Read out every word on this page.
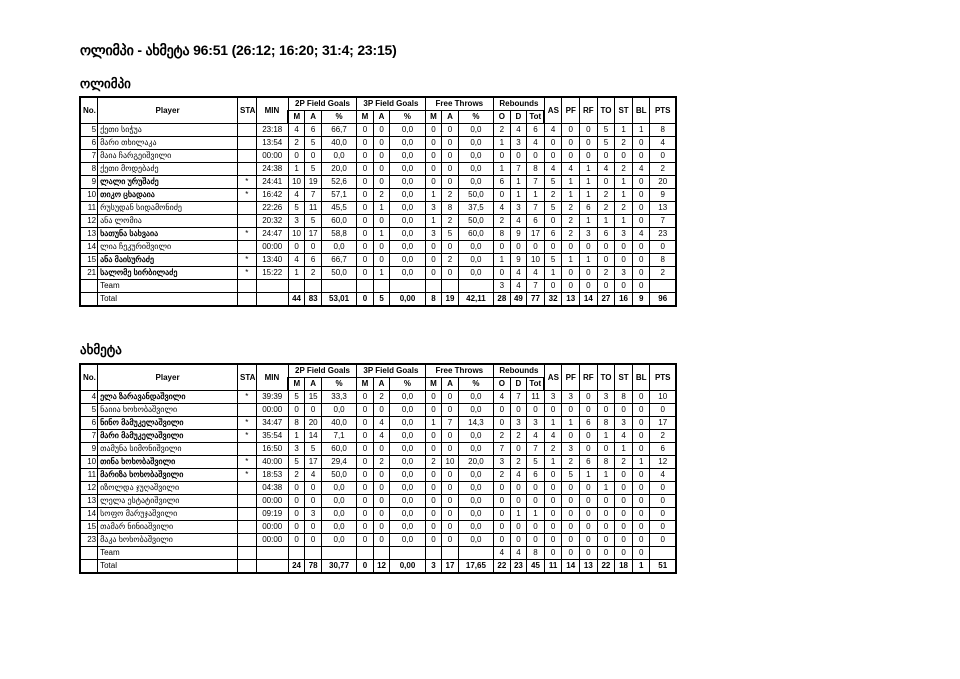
ოლიმპი - ახმეტა 96:51 (26:12; 16:20; 31:4; 23:15)
ოლიმპი
No.	Player	STA	MIN	2P Field Goals			3P Field Goals			Free Throws			Rebounds			AS	PF	RF	TO	ST	BL	PTS
				M	A	%	M	A	%	M	A	%	O	D	Tot							
5	ქეთი სიჭუა		23:18	4	6	66,7	0	0	0,0	0	0	0,0	2	4	6	4	0	0	5	1	1	8
6	მარი თხილაკა		13:54	2	5	40,0	0	0	0,0	0	0	0,0	1	3	4	0	0	0	5	2	0	4
7	მაია ჩარგეიშვილი		00:00	0	0	0,0	0	0	0,0	0	0	0,0	0	0	0	0	0	0	0	0	0	0
8	ქეთი მოდებაძე		24:38	1	5	20,0	0	0	0,0	0	0	0,0	1	7	8	4	4	1	4	2	4	2
9	ლალი ურუშაძე	*	24:41	10	19	52,6	0	0	0,0	0	0	0,0	6	1	7	5	1	1	0	1	0	20
10	თიკო ცხადაია	*	16:42	4	7	57,1	0	2	0,0	1	2	50,0	0	1	1	2	1	1	2	1	0	9
11	რუსუდან სიდამონიძე		22:26	5	11	45,5	0	1	0,0	3	8	37,5	4	3	7	5	2	6	2	2	0	13
12	ანა ლომია		20:32	3	5	60,0	0	0	0,0	1	2	50,0	2	4	6	0	2	1	1	1	0	7
13	ხათუნა სახვაია	*	24:47	10	17	58,8	0	1	0,0	3	5	60,0	8	9	17	6	2	3	6	3	4	23
14	ლია ჩეკურიშვილი		00:00	0	0	0,0	0	0	0,0	0	0	0,0	0	0	0	0	0	0	0	0	0	0
15	ანა მაისურაძე	*	13:40	4	6	66,7	0	0	0,0	0	2	0,0	1	9	10	5	1	1	0	0	0	8
21	სალომე სირბილაძე	*	15:22	1	2	50,0	0	1	0,0	0	0	0,0	0	4	4	1	0	0	2	3	0	2
	Team												3	4	7	0	0	0	0	0	0	
	Total			44	83	53,01	0	5	0,00	8	19	42,11	28	49	77	32	13	14	27	16	9	96
ახმეტა
No.	Player	STA	MIN	2P Field Goals			3P Field Goals			Free Throws			Rebounds			AS	PF	RF	TO	ST	BL	PTS
				M	A	%	M	A	%	M	A	%	O	D	Tot							
4	ელა ზარავანდაშვილი	*	39:39	5	15	33,3	0	2	0,0	0	0	0,0	4	7	11	3	3	0	3	8	0	10
5	ნაიია ხოხობაშვილი		00:00	0	0	0,0	0	0	0,0	0	0	0,0	0	0	0	0	0	0	0	0	0	0
6	ნინო მამუკელაშვილი	*	34:47	8	20	40,0	0	4	0,0	1	7	14,3	0	3	3	1	1	6	8	3	0	17
7	მარი მამუკელაშვილი	*	35:54	1	14	7,1	0	4	0,0	0	0	0,0	2	2	4	4	0	0	1	4	0	2
9	თამუნა სიმონიშვილი		16:50	3	5	60,0	0	0	0,0	0	0	0,0	7	0	7	2	3	0	0	1	0	6
10	თინა ხოხობაშვილი	*	40:00	5	17	29,4	0	2	0,0	2	10	20,0	3	2	5	1	2	6	8	2	1	12
11	მარიზა ხოხობაშვილი	*	18:53	2	4	50,0	0	0	0,0	0	0	0,0	2	4	6	0	5	1	1	0	0	4
12	იზოლდა ჯუღაშვილი		04:38	0	0	0,0	0	0	0,0	0	0	0,0	0	0	0	0	0	0	1	0	0	0
13	ლელა ესტატიშვილი		00:00	0	0	0,0	0	0	0,0	0	0	0,0	0	0	0	0	0	0	0	0	0	0
14	სოფო მარუჯაშვილი		09:19	0	3	0,0	0	0	0,0	0	0	0,0	0	1	1	0	0	0	0	0	0	0
15	თამარ ნინიაშვილი		00:00	0	0	0,0	0	0	0,0	0	0	0,0	0	0	0	0	0	0	0	0	0	0
23	მაკა ხოხობაშვილი		00:00	0	0	0,0	0	0	0,0	0	0	0,0	0	0	0	0	0	0	0	0	0	0
	Team												4	4	8	0	0	0	0	0	0	
	Total			24	78	30,77	0	12	0,00	3	17	17,65	22	23	45	11	14	13	22	18	1	51
